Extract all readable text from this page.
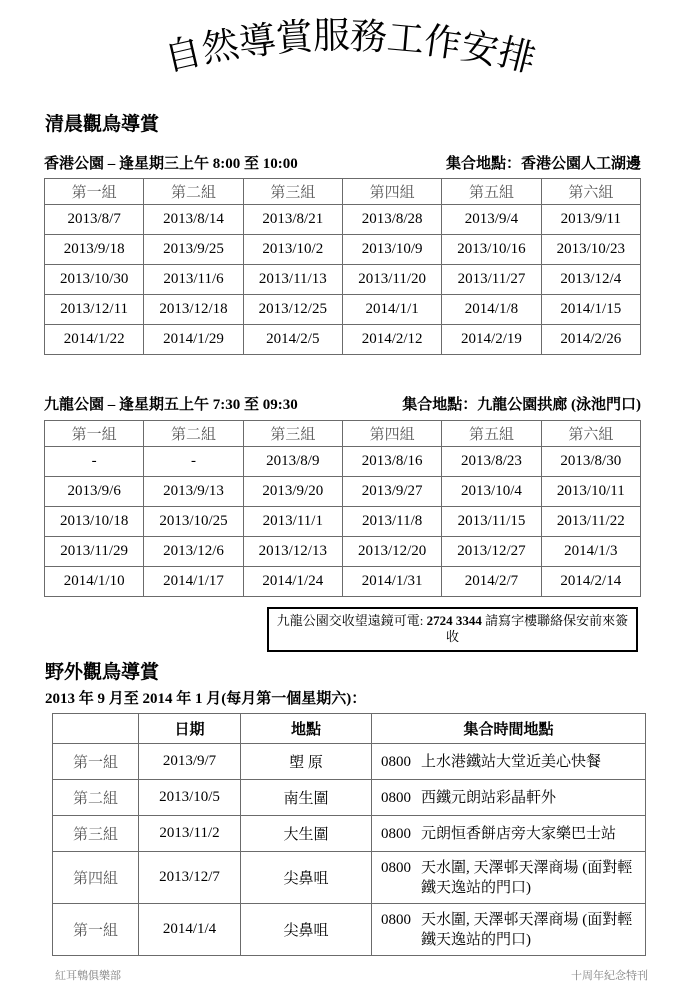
自
然
導
賞
服
務
工
作
安
排
清晨觀鳥導賞
香港公園 – 逢星期三上午 8:00 至 10:00	集合地點：香港公園人工湖邊
第一組	第二組	第三組	第四組	第五組	第六組
2013/8/7	2013/8/14	2013/8/21	2013/8/28	2013/9/4	2013/9/11
2013/9/18	2013/9/25	2013/10/2	2013/10/9	2013/10/16	2013/10/23
2013/10/30	2013/11/6	2013/11/13	2013/11/20	2013/11/27	2013/12/4
2013/12/11	2013/12/18	2013/12/25	2014/1/1	2014/1/8	2014/1/15
2014/1/22	2014/1/29	2014/2/5	2014/2/12	2014/2/19	2014/2/26
九龍公園 – 逢星期五上午 7:30 至 09:30	集合地點：九龍公園拱廊 (泳池門口)
第一組	第二組	第三組	第四組	第五組	第六組
-	-	2013/8/9	2013/8/16	2013/8/23	2013/8/30
2013/9/6	2013/9/13	2013/9/20	2013/9/27	2013/10/4	2013/10/11
2013/10/18	2013/10/25	2013/11/1	2013/11/8	2013/11/15	2013/11/22
2013/11/29	2013/12/6	2013/12/13	2013/12/20	2013/12/27	2014/1/3
2014/1/10	2014/1/17	2014/1/24	2014/1/31	2014/2/7	2014/2/14
九龍公園交收望遠鏡可電: 2724 3344 請寫字樓聯絡保安前來簽收
野外觀鳥導賞
2013 年 9 月至 2014 年 1 月(每月第一個星期六)：
	日期	地點	集合時間地點
第一組	2013/9/7	塱 原	0800 上水港鐵站大堂近美心快餐

第二組	2013/10/5	南生圍	0800 西鐵元朗站彩晶軒外

第三組	2013/11/2	大生圍	0800 元朗恒香餅店旁大家樂巴士站

第四組	2013/12/7	尖鼻咀	0800 天水圍, 天澤邨天澤商場 (面對輕鐵天逸站的門口)

第一組	2014/1/4	尖鼻咀	0800 天水圍, 天澤邨天澤商場 (面對輕鐵天逸站的門口)
紅耳鵯俱樂部	十周年紀念特刊
